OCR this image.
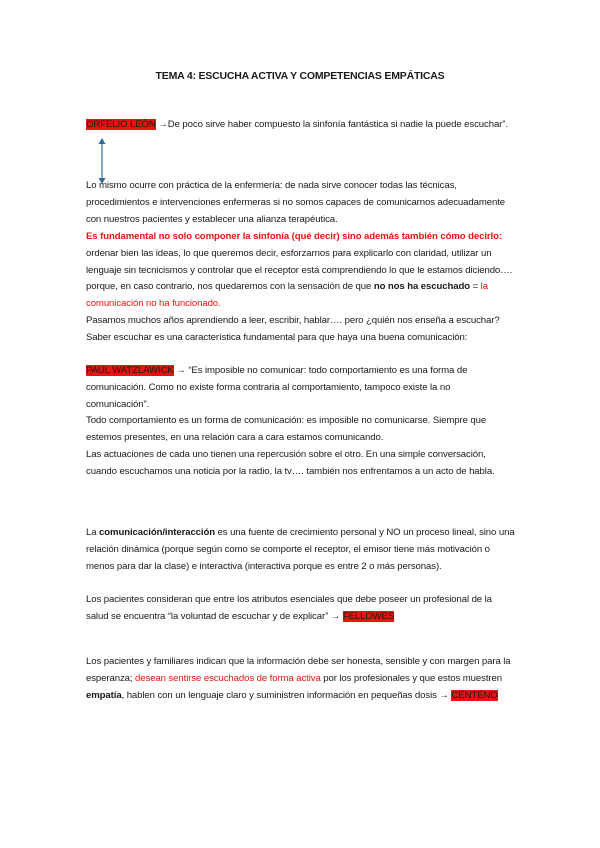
TEMA 4: ESCUCHA ACTIVA Y COMPETENCIAS EMPÁTICAS
ORFELIO LEÓN →De poco sirve haber compuesto la sinfonía fantástica si nadie la puede escuchar”.
Lo mismo ocurre con práctica de la enfermería: de nada sirve conocer todas las técnicas, procedimientos e intervenciones enfermeras si no somos capaces de comunicarnos adecuadamente con nuestros pacientes y establecer una alianza terapéutica.
Es fundamental no solo componer la sinfonía (qué decir) sino además también cómo decirlo: ordenar bien las ideas, lo que queremos decir, esforzarnos para explicarlo con claridad, utilizar un lenguaje sin tecnicismos y controlar que el receptor está comprendiendo lo que le estamos diciendo…. porque, en caso contrario, nos quedaremos con la sensación de que no nos ha escuchado = la comunicación no ha funcionado.
Pasamos muchos años aprendiendo a leer, escribir, hablar…. pero ¿quién nos enseña a escuchar? Saber escuchar es una característica fundamental para que haya una buena comunicación:
PAUL WATZLAWICK → “Es imposible no comunicar: todo comportamiento es una forma de comunicación. Como no existe forma contraria al comportamiento, tampoco existe la no comunicación”.
Todo comportamiento es un forma de comunicación: es imposible no comunicarse. Siempre que estemos presentes, en una relación cara a cara estamos comunicando.
Las actuaciones de cada uno tienen una repercusión sobre el otro. En una simple conversación, cuando escuchamos una noticia por la radio, la tv…. también nos enfrentamos a un acto de habla.
La comunicación/interacción es una fuente de crecimiento personal y NO un proceso lineal, sino una relación dinámica (porque según como se comporte el receptor, el emisor tiene más motivación o menos para dar la clase) e interactiva (interactiva porque es entre 2 o más personas).
Los pacientes consideran que entre los atributos esenciales que debe poseer un profesional de la salud se encuentra “la voluntad de escuchar y de explicar” → FELLOWES
Los pacientes y familiares indican que la información debe ser honesta, sensible y con margen para la esperanza; desean sentirse escuchados de forma activa por los profesionales y que estos muestren empatía, hablen con un lenguaje claro y suministren información en pequeñas dosis → CENTENO
